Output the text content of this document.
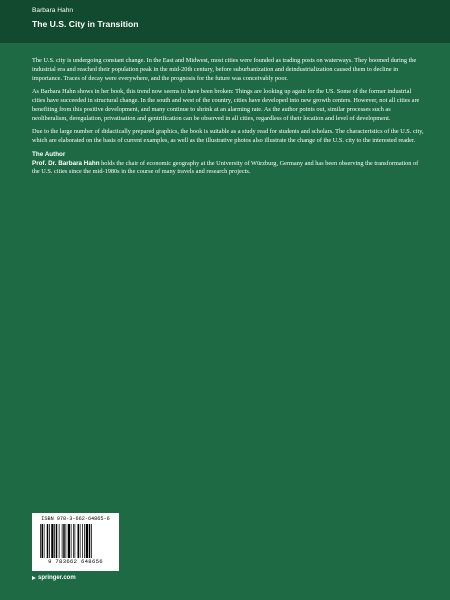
Barbara Hahn
The U.S. City in Transition

The U.S. city is undergoing constant change. In the East and Midwest, most cities were founded as trading posts on waterways. They boomed during the industrial era and reached their population peak in the mid-20th century, before suburbanization and deindustrialization caused them to decline in importance. Traces of decay were everywhere, and the prognosis for the future was conceivably poor.

As Barbara Hahn shows in her book, this trend now seems to have been broken: Things are looking up again for the US. Some of the former industrial cities have succeeded in structural change. In the south and west of the country, cities have developed into new growth centers. However, not all cities are benefiting from this positive development, and many continue to shrink at an alarming rate. As the author points out, similar processes such as neoliberalism, deregulation, privatisation and gentrification can be observed in all cities, regardless of their location and level of development.

Due to the large number of didactically prepared graphics, the book is suitable as a study read for students and scholars. The characteristics of the U.S. city, which are elaborated on the basis of current examples, as well as the illustrative photos also illustrate the change of the U.S. city to the interested reader.

The Author

Prof. Dr. Barbara Hahn holds the chair of economic geography at the University of Würzburg, Germany and has been observing the transformation of the U.S. cities since the mid-1980s in the course of many travels and research projects.

ISBN 978-3-662-64865-6
9 783662 648656
springer.com
